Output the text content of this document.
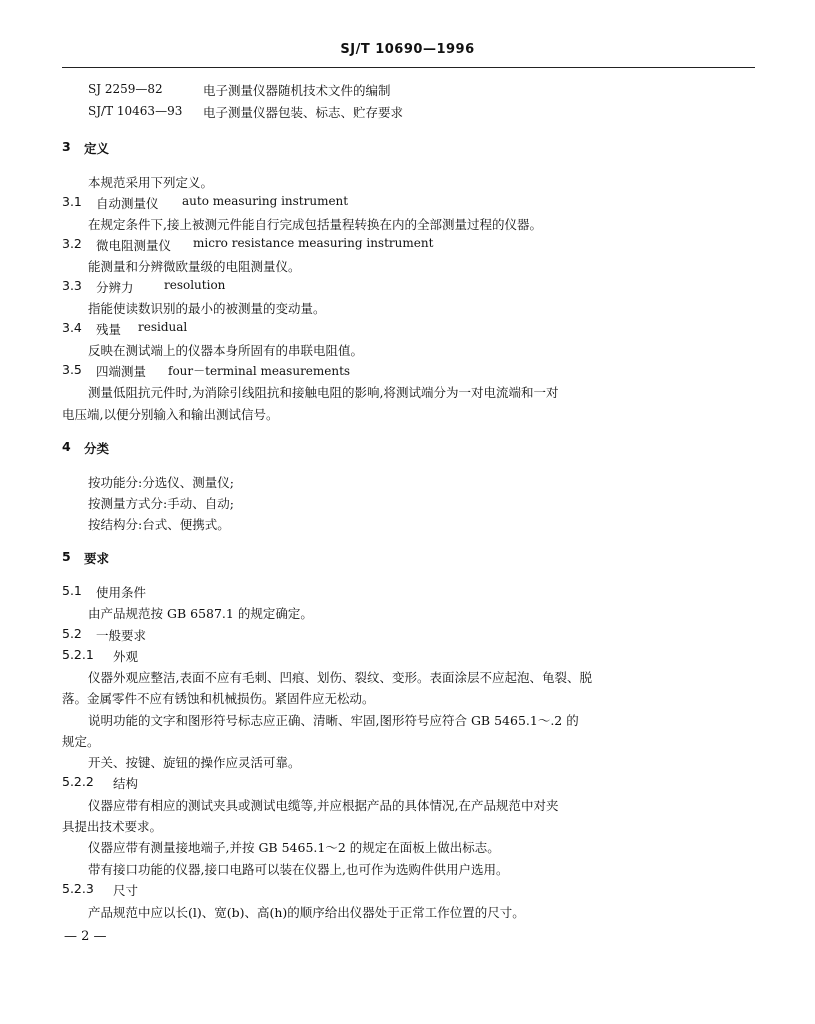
SJ/T 10690—1996
SJ 2259—82	电子测量仪器随机技术文件的编制
SJ/T 10463—93 电子测量仪器包装、标志、贮存要求
3 定义
本规范采用下列定义。
3.1 自动测量仪 auto measuring instrument
在规定条件下,接上被测元件能自行完成包括量程转换在内的全部测量过程的仪器。
3.2 微电阻测量仪 micro resistance measuring instrument
能测量和分辨微欧量级的电阻测量仪。
3.3 分辨力	resolution
指能使读数识别的最小的被测量的变动量。
3.4 残量 residual
反映在测试端上的仪器本身所固有的串联电阻值。
3.5 四端测量 four－terminal measurements
测量低阻抗元件时,为消除引线阻抗和接触电阻的影响,将测试端分为一对电流端和一对
电压端,以便分别输入和输出测试信号。
4 分类
按功能分:分选仪、测量仪;
按测量方式分:手动、自动;
按结构分:台式、便携式。
5 要求
5.1 使用条件
由产品规范按 GB 6587.1 的规定确定。
5.2 一般要求
5.2.1 外观
仪器外观应整洁,表面不应有毛刺、凹痕、划伤、裂纹、变形。表面涂层不应起泡、龟裂、脱
落。金属零件不应有锈蚀和机械损伤。紧固件应无松动。
说明功能的文字和图形符号标志应正确、清晰、牢固,图形符号应符合 GB 5465.1～.2 的
规定。
开关、按键、旋钮的操作应灵活可靠。
5.2.2 结构
仪器应带有相应的测试夹具或测试电缆等,并应根据产品的具体情况,在产品规范中对夹
具提出技术要求。
仪器应带有测量接地端子,并按 GB 5465.1～2 的规定在面板上做出标志。
带有接口功能的仪器,接口电路可以装在仪器上,也可作为选购件供用户选用。
5.2.3 尺寸
产品规范中应以长(l)、宽(b)、高(h)的顺序给出仪器处于正常工作位置的尺寸。
— 2 —
